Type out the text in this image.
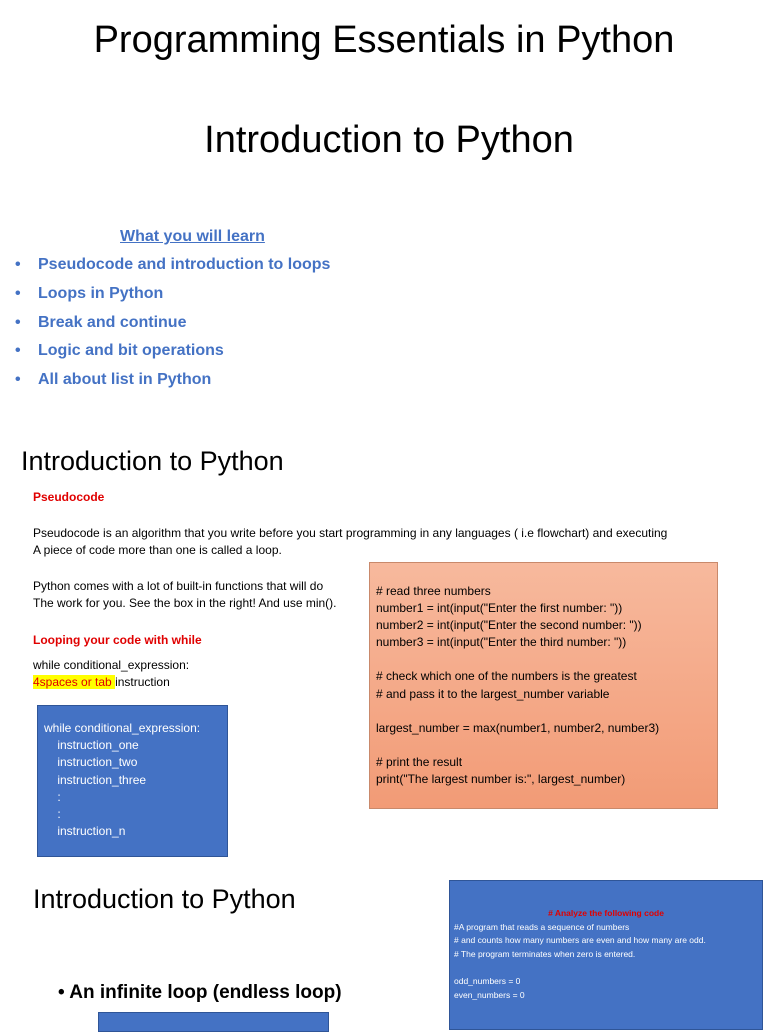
Programming Essentials in Python
Introduction to Python
What you will learn
•	Pseudocode and introduction to loops
•	Loops in Python
•	Break and continue
•	Logic and bit operations
•	All about list in Python
Introduction to Python
Pseudocode
Pseudocode is an algorithm that you write before you start programming in any languages ( i.e flowchart) and executing
A piece of code more than one is called a loop.
Python comes with a lot of built-in functions that will do
The work for you. See the box in the right! And use min().
Looping your code with while
while conditional_expression:
4spaces or tab instruction
while conditional_expression:
instruction_one
instruction_two
instruction_three
:
:
instruction_n
# read three numbers
number1 = int(input("Enter the first number: "))
number2 = int(input("Enter the second number: "))
number3 = int(input("Enter the third number: "))
# check which one of the numbers is the greatest
# and pass it to the largest_number variable
largest_number = max(number1, number2, number3)
# print the result
print("The largest number is:", largest_number)
Introduction to Python
• An infinite loop (endless loop)
# Analyze the following code
#A program that reads a sequence of numbers
# and counts how many numbers are even and how many are odd.
# The program terminates when zero is entered.
odd_numbers = 0
even_numbers = 0
